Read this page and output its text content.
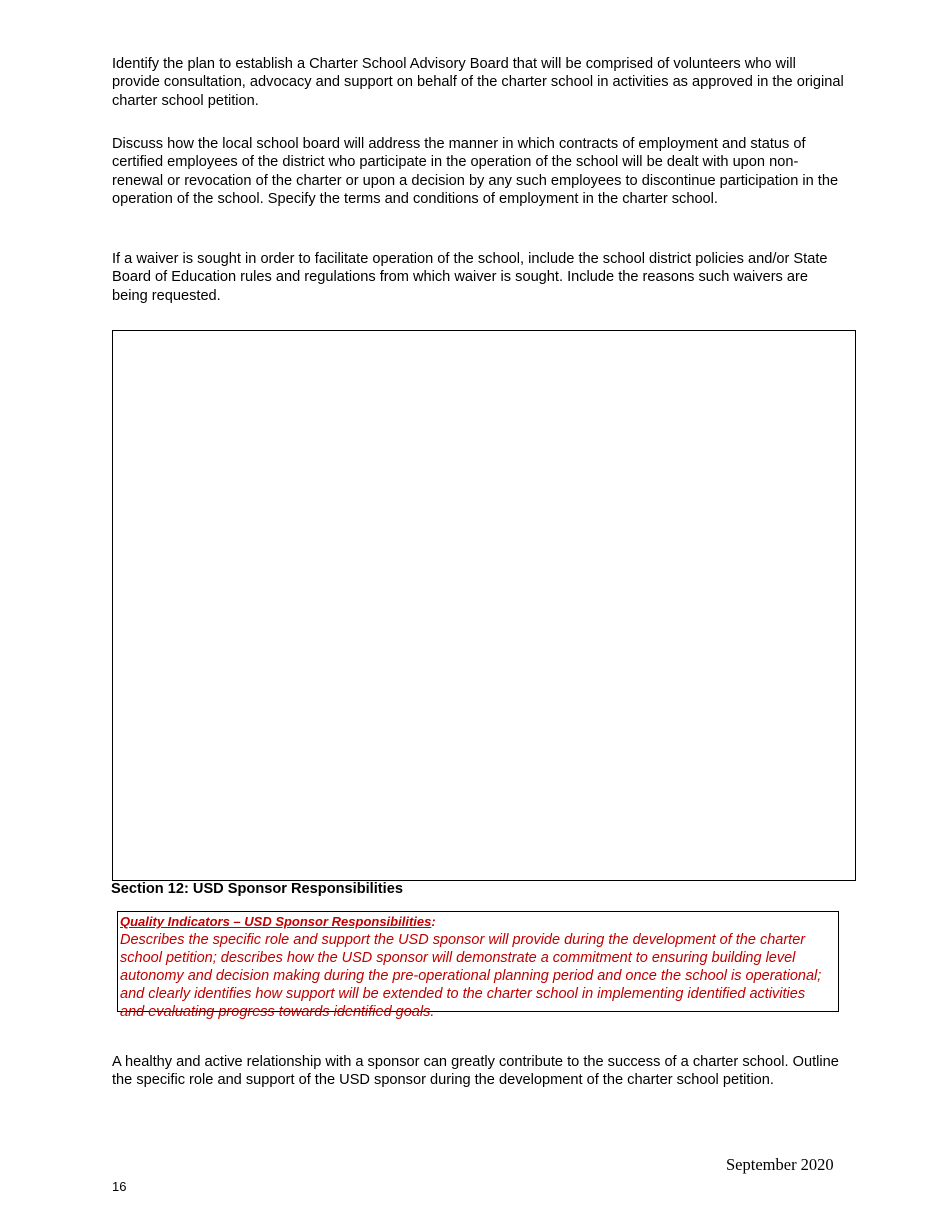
Identify the plan to establish a Charter School Advisory Board that will be comprised of volunteers who will provide consultation, advocacy and support on behalf of the charter school in activities as approved in the original charter school petition.

Discuss how the local school board will address the manner in which contracts of employment and status of certified employees of the district who participate in the operation of the school will be dealt with upon non-renewal or revocation of the charter or upon a decision by any such employees to discontinue participation in the operation of the school. Specify the terms and conditions of employment in the charter school.

If a waiver is sought in order to facilitate operation of the school, include the school district policies and/or State Board of Education rules and regulations from which waiver is sought. Include the reasons such waivers are being requested.

Section 12: USD Sponsor Responsibilities
Quality Indicators – USD Sponsor Responsibilities:

Describes the specific role and support the USD sponsor will provide during the development of the charter school petition; describes how the USD sponsor will demonstrate a commitment to ensuring building level autonomy and decision making during the pre-operational planning period and once the school is operational; and clearly identifies how support will be extended to the charter school in implementing identified activities and evaluating progress towards identified goals.

A healthy and active relationship with a sponsor can greatly contribute to the success of a charter school. Outline the specific role and support of the USD sponsor during the development of the charter school petition.
September 2020
16
